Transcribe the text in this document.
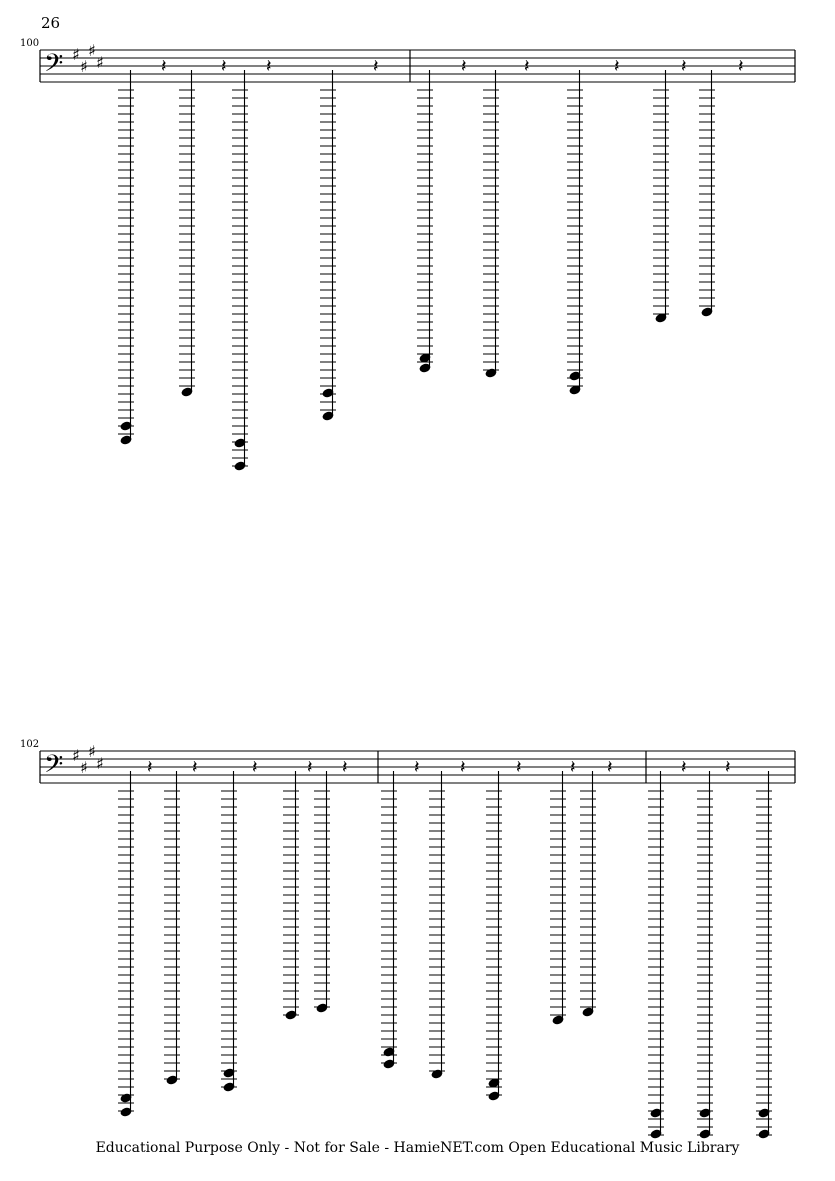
26
100
102
𝄢 ♯
♯
♯
♯	𝄽	𝄽 𝄽	𝄽	𝄽	𝄽	𝄽	𝄽	𝄽
𝄢 ♯
♯
♯
♯ 𝄽 𝄽	𝄽	𝄽 𝄽	𝄽 𝄽	𝄽	𝄽 𝄽	𝄽 𝄽
Educational Purpose Only - Not for Sale - HamieNET.com Open Educational Music Library
